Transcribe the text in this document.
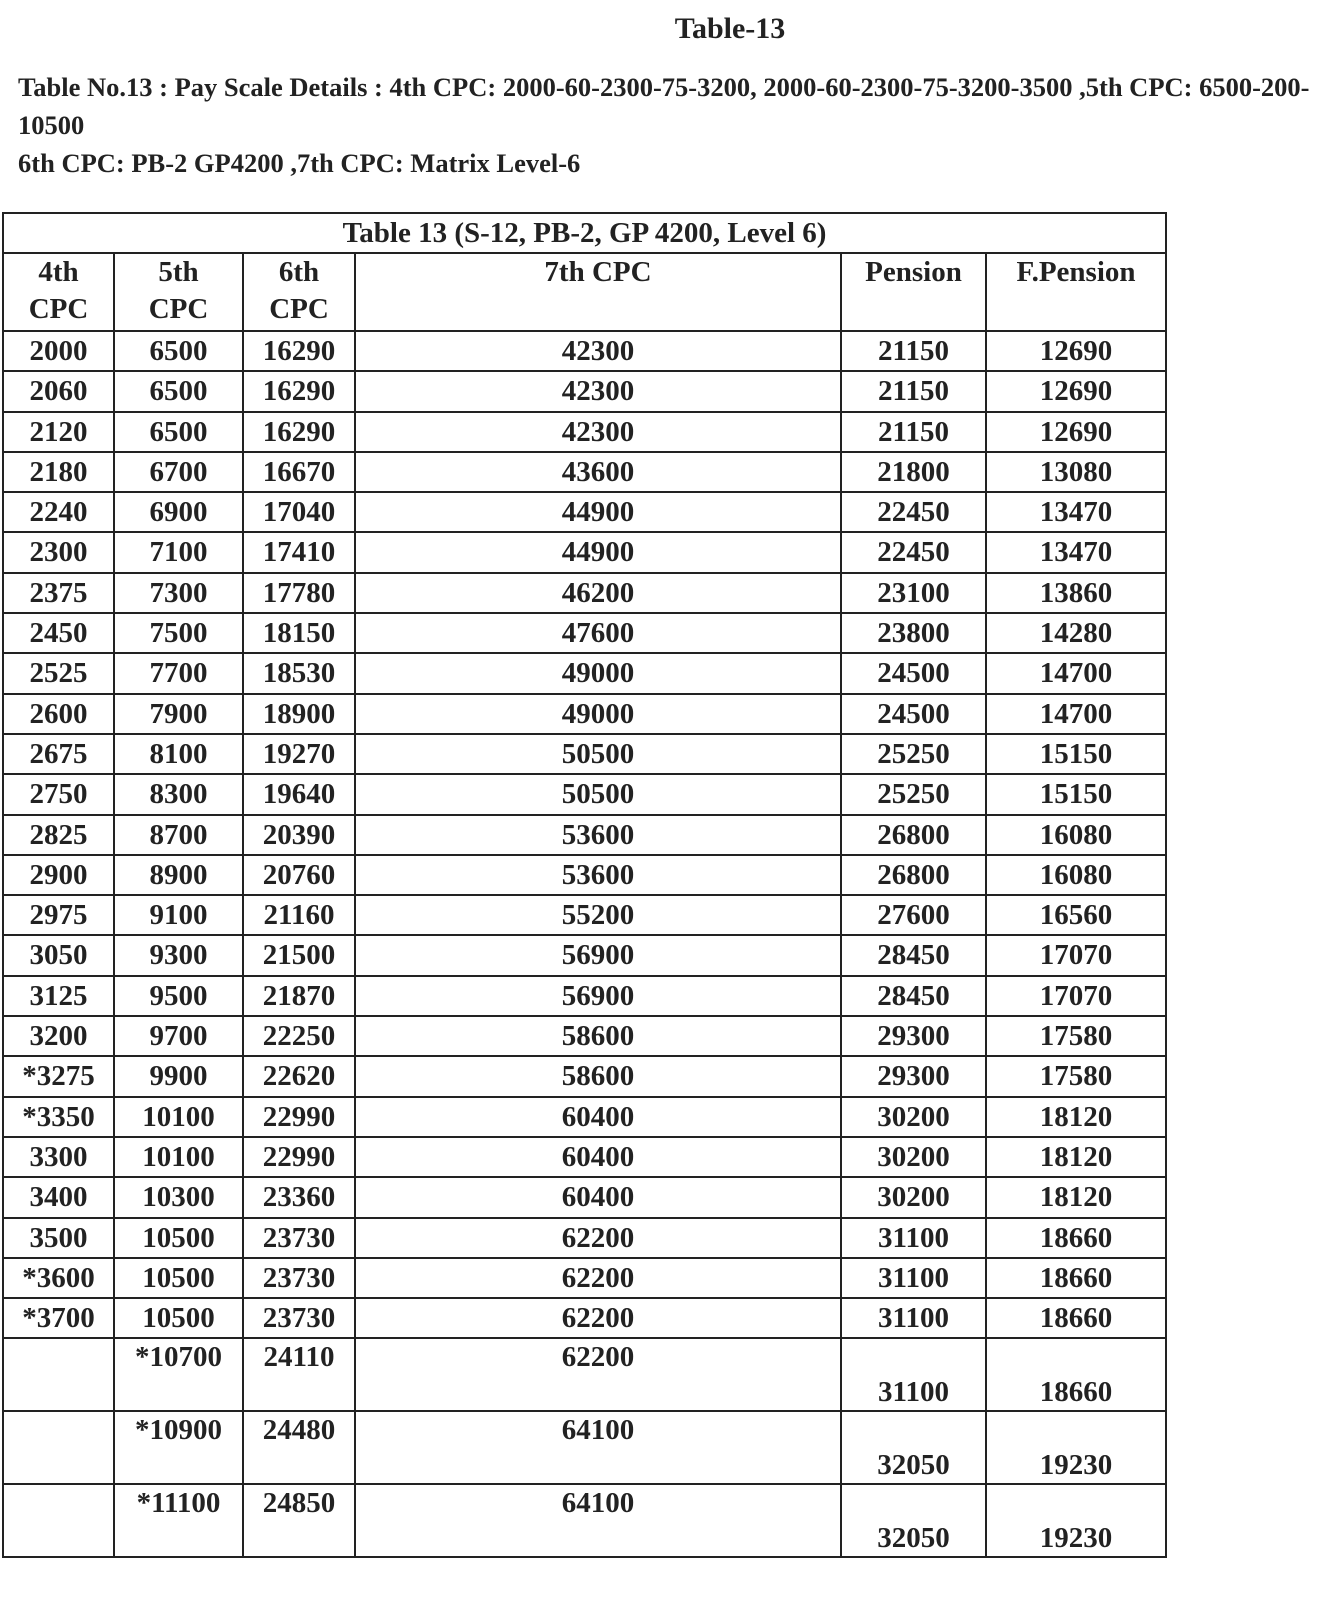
Table-13
Table No.13 : Pay Scale Details : 4th CPC: 2000-60-2300-75-3200, 2000-60-2300-75-3200-3500 ,5th CPC: 6500-200-10500
6th CPC: PB-2 GP4200 ,7th CPC: Matrix Level-6
Table 13 (S-12, PB-2, GP 4200, Level 6)					
4th CPC	5th CPC	6th CPC	7th CPC	Pension	F.Pension
2000	6500	16290	42300	21150	12690
2060	6500	16290	42300	21150	12690
2120	6500	16290	42300	21150	12690
2180	6700	16670	43600	21800	13080
2240	6900	17040	44900	22450	13470
2300	7100	17410	44900	22450	13470
2375	7300	17780	46200	23100	13860
2450	7500	18150	47600	23800	14280
2525	7700	18530	49000	24500	14700
2600	7900	18900	49000	24500	14700
2675	8100	19270	50500	25250	15150
2750	8300	19640	50500	25250	15150
2825	8700	20390	53600	26800	16080
2900	8900	20760	53600	26800	16080
2975	9100	21160	55200	27600	16560
3050	9300	21500	56900	28450	17070
3125	9500	21870	56900	28450	17070
3200	9700	22250	58600	29300	17580
*3275	9900	22620	58600	29300	17580
*3350	10100	22990	60400	30200	18120
3300	10100	22990	60400	30200	18120
3400	10300	23360	60400	30200	18120
3500	10500	23730	62200	31100	18660
*3600	10500	23730	62200	31100	18660
*3700	10500	23730	62200	31100	18660
	*10700	24110	62200	31100	18660
	*10900	24480	64100	32050	19230
	*11100	24850	64100	32050	19230
